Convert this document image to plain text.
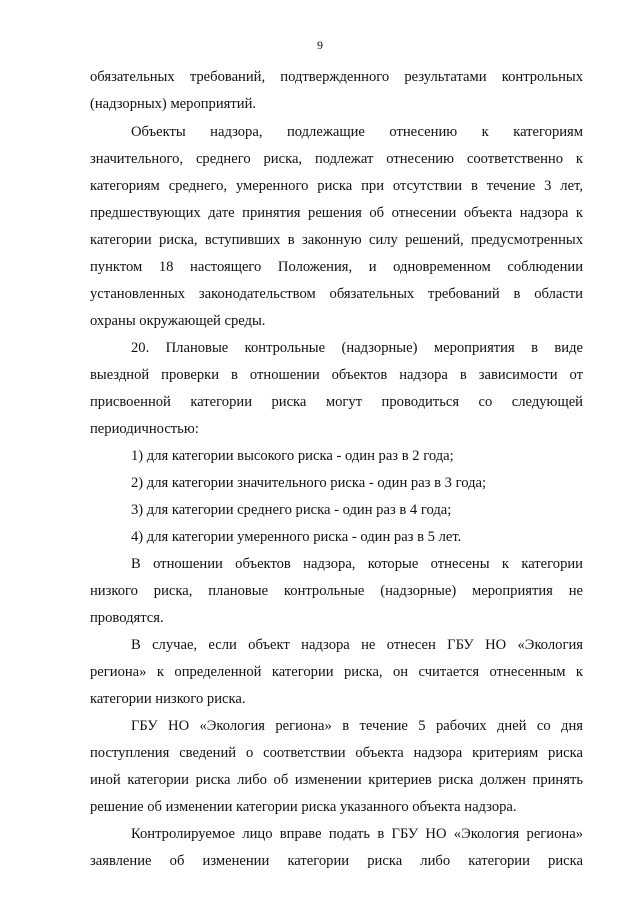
9
обязательных требований, подтвержденного результатами контрольных
(надзорных) мероприятий.
Объекты надзора, подлежащие отнесению к категориям
значительного, среднего риска, подлежат отнесению соответственно к
категориям среднего, умеренного риска при отсутствии в течение 3 лет,
предшествующих дате принятия решения об отнесении объекта надзора к
категории риска, вступивших в законную силу решений, предусмотренных
пунктом 18 настоящего Положения, и одновременном соблюдении
установленных законодательством обязательных требований в области
охраны окружающей среды.
20. Плановые контрольные (надзорные) мероприятия в виде
выездной проверки в отношении объектов надзора в зависимости от
присвоенной категории риска могут проводиться со следующей
периодичностью:
1) для категории высокого риска - один раз в 2 года;
2) для категории значительного риска - один раз в 3 года;
3) для категории среднего риска - один раз в 4 года;
4) для категории умеренного риска - один раз в 5 лет.
В отношении объектов надзора, которые отнесены к категории
низкого риска, плановые контрольные (надзорные) мероприятия не
проводятся.
В случае, если объект надзора не отнесен ГБУ НО «Экология
региона» к определенной категории риска, он считается отнесенным к
категории низкого риска.
ГБУ НО «Экология региона» в течение 5 рабочих дней со дня
поступления сведений о соответствии объекта надзора критериям риска
иной категории риска либо об изменении критериев риска должен принять
решение об изменении категории риска указанного объекта надзора.
Контролируемое лицо вправе подать в ГБУ НО «Экология региона»
заявление об изменении категории риска либо категории риска
